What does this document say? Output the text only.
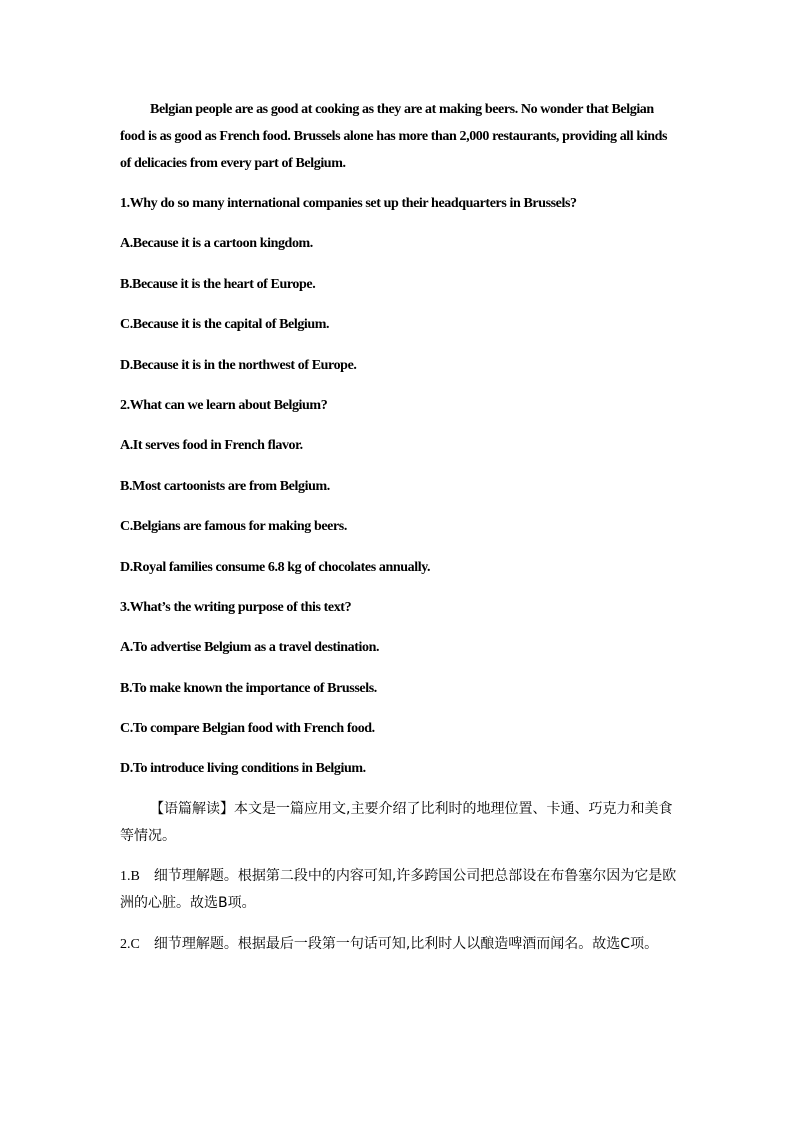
Belgian people are as good at cooking as they are at making beers. No wonder that Belgian food is as good as French food. Brussels alone has more than 2,000 restaurants, providing all kinds of delicacies from every part of Belgium.
1.Why do so many international companies set up their headquarters in Brussels?
A.Because it is a cartoon kingdom.
B.Because it is the heart of Europe.
C.Because it is the capital of Belgium.
D.Because it is in the northwest of Europe.
2.What can we learn about Belgium?
A.It serves food in French flavor.
B.Most cartoonists are from Belgium.
C.Belgians are famous for making beers.
D.Royal families consume 6.8 kg of chocolates annually.
3.What’s the writing purpose of this text?
A.To advertise Belgium as a travel destination.
B.To make known the importance of Brussels.
C.To compare Belgian food with French food.
D.To introduce living conditions in Belgium.
【语篇解读】本文是一篇应用文,主要介绍了比利时的地理位置、卡通、巧克力和美食等情况。
1.B 细节理解题。根据第二段中的内容可知,许多跨国公司把总部设在布鲁塞尔因为它是欧洲的心脏。故选B项。
2.C 细节理解题。根据最后一段第一句话可知,比利时人以酿造啤酒而闻名。故选C项。
